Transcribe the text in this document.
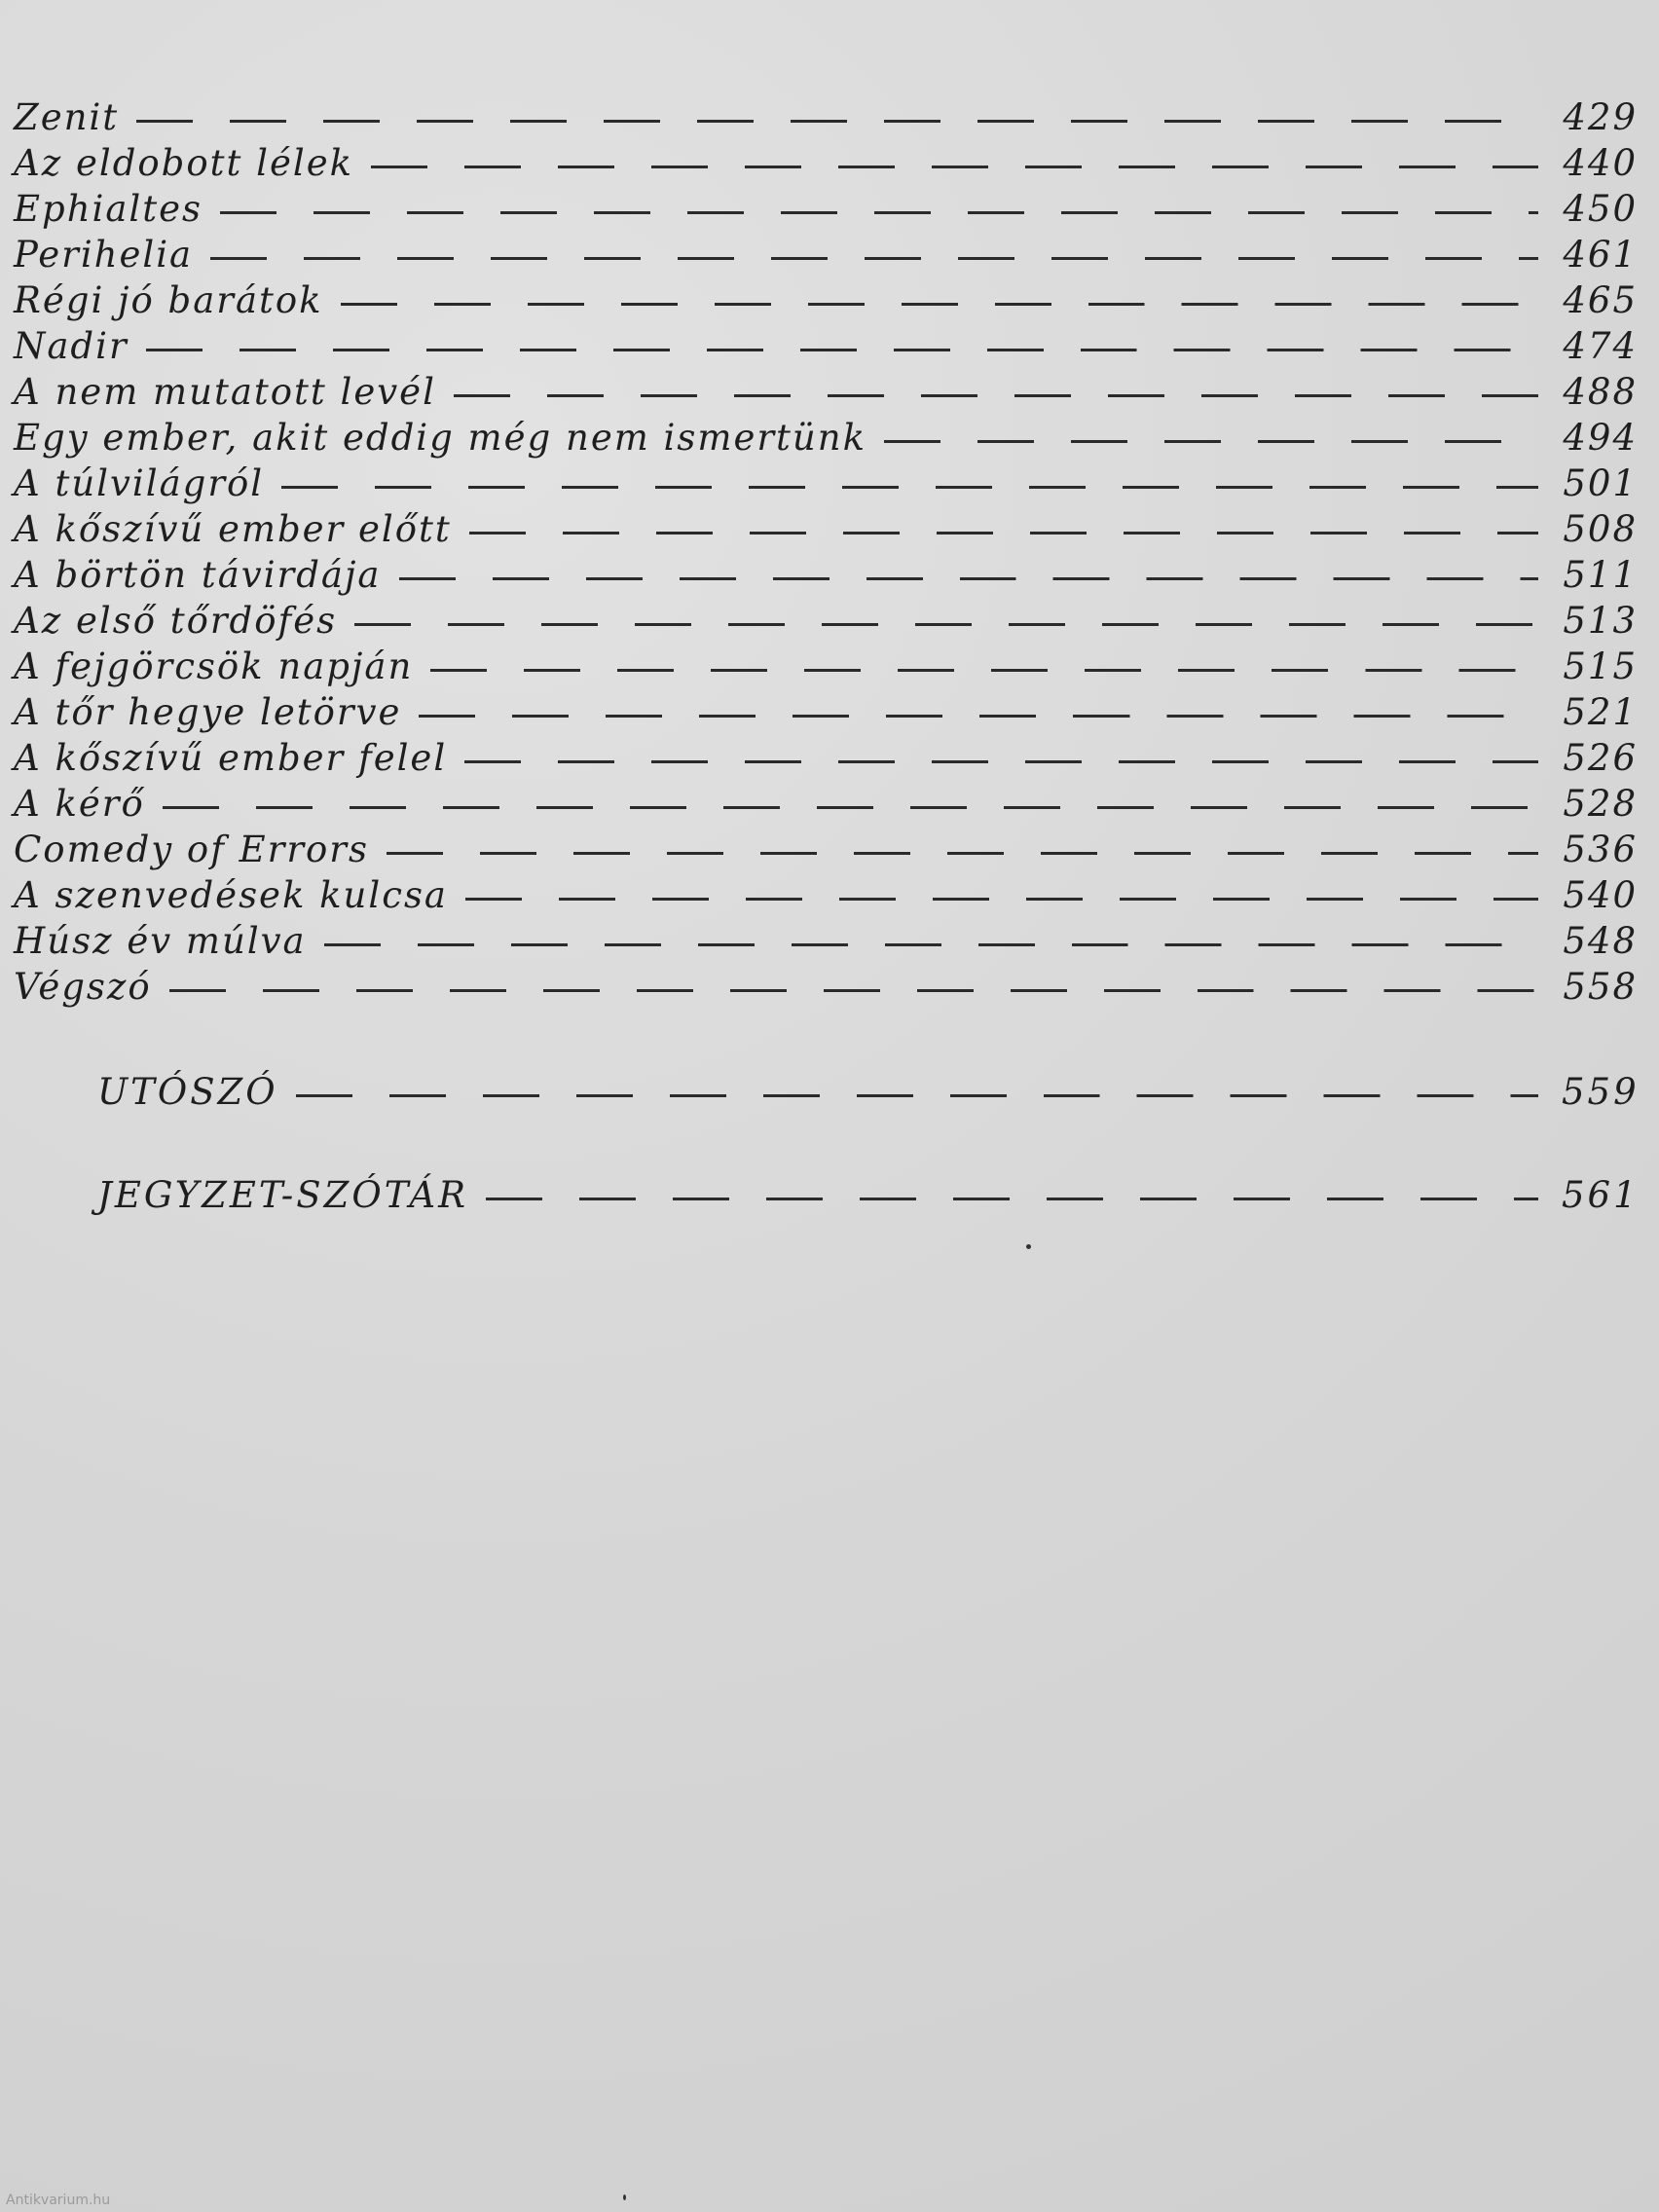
Zenit	429
Az eldobott lélek	440
Ephialtes	450
Perihelia	461
Régi jó barátok	465
Nadir	474
A nem mutatott levél	488
Egy ember, akit eddig még nem ismertünk	494
A túlvilágról	501
A kőszívű ember előtt	508
A börtön távirdája	511
Az első tőrdöfés	513
A fejgörcsök napján	515
A tőr hegye letörve	521
A kőszívű ember felel	526
A kérő	528
Comedy of Errors	536
A szenvedések kulcsa	540
Húsz év múlva	548
Végszó	558
UTÓSZÓ	559
JEGYZET-SZÓTÁR	561
Antikvarium.hu
